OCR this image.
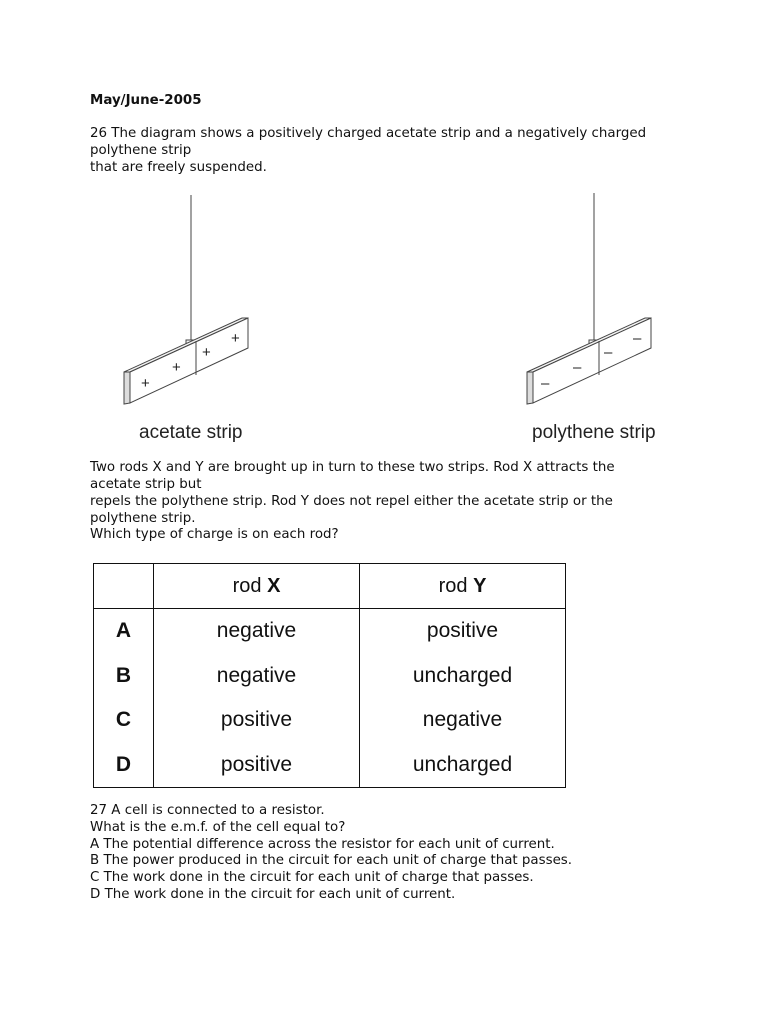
May/June-2005
26 The diagram shows a positively charged acetate strip and a negatively charged
polythene strip
that are freely suspended.
+
+
+
+
acetate strip
–
–
–
–
polythene strip
Two rods X and Y are brought up in turn to these two strips. Rod X attracts the
acetate strip but
repels the polythene strip. Rod Y does not repel either the acetate strip or the
polythene strip.
Which type of charge is on each rod?
	rod X	rod Y
A	negative	positive
B	negative	uncharged
C	positive	negative
D	positive	uncharged
27 A cell is connected to a resistor.
What is the e.m.f. of the cell equal to?
A The potential difference across the resistor for each unit of current.
B The power produced in the circuit for each unit of charge that passes.
C The work done in the circuit for each unit of charge that passes.
D The work done in the circuit for each unit of current.
